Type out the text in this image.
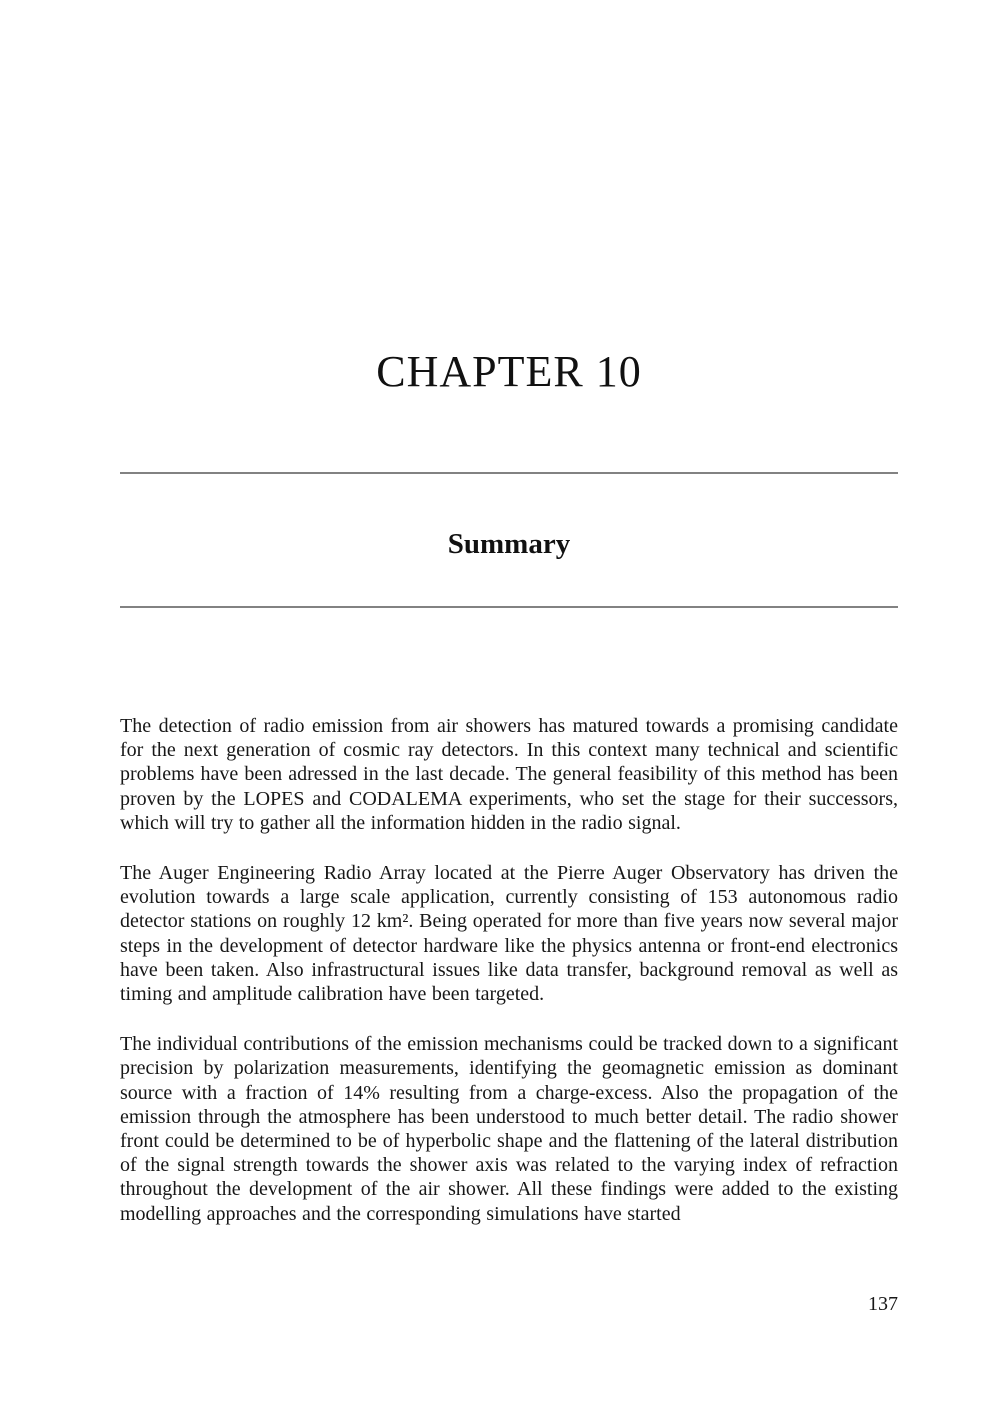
CHAPTER 10
Summary

The detection of radio emission from air showers has matured towards a promising candidate for the next generation of cosmic ray detectors. In this context many technical and scientific problems have been adressed in the last decade. The general feasibility of this method has been proven by the LOPES and CODALEMA experiments, who set the stage for their successors, which will try to gather all the information hidden in the radio signal.

The Auger Engineering Radio Array located at the Pierre Auger Observatory has driven the evolution towards a large scale application, currently consisting of 153 autonomous radio detector stations on roughly 12 km². Being operated for more than five years now several major steps in the development of detector hardware like the physics antenna or front-end electronics have been taken. Also infrastructural issues like data transfer, background removal as well as timing and amplitude calibration have been targeted.

The individual contributions of the emission mechanisms could be tracked down to a significant precision by polarization measurements, identifying the geomagnetic emission as dominant source with a fraction of 14% resulting from a charge-excess. Also the propagation of the emission through the atmosphere has been understood to much better detail. The radio shower front could be determined to be of hyperbolic shape and the flattening of the lateral distribution of the signal strength towards the shower axis was related to the varying index of refraction throughout the development of the air shower. All these findings were added to the existing modelling approaches and the corresponding simulations have started

137
